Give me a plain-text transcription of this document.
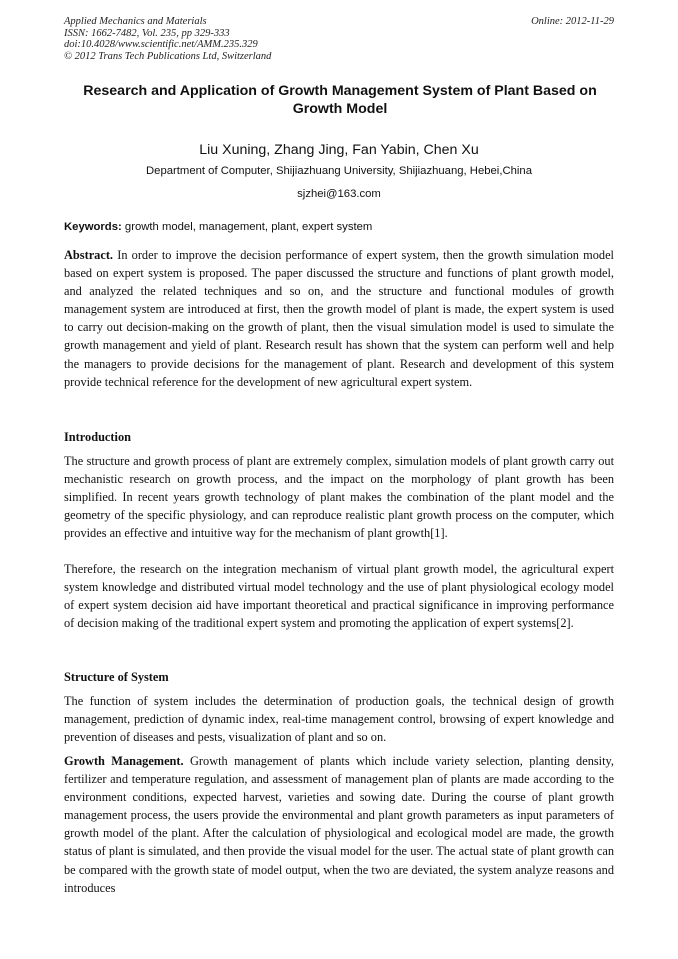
Applied Mechanics and Materials
ISSN: 1662-7482, Vol. 235, pp 329-333
doi:10.4028/www.scientific.net/AMM.235.329
© 2012 Trans Tech Publications Ltd, Switzerland
Online: 2012-11-29
Research and Application of Growth Management System of Plant Based on Growth Model
Liu Xuning, Zhang Jing, Fan Yabin, Chen Xu
Department of Computer, Shijiazhuang University, Shijiazhuang, Hebei,China
sjzhei@163.com
Keywords: growth model, management, plant, expert system
Abstract. In order to improve the decision performance of expert system, then the growth simulation model based on expert system is proposed. The paper discussed the structure and functions of plant growth model, and analyzed the related techniques and so on, and the structure and functional modules of growth management system are introduced at first, then the growth model of plant is made, the expert system is used to carry out decision-making on the growth of plant, then the visual simulation model is used to simulate the growth management and yield of plant. Research result has shown that the system can perform well and help the managers to provide decisions for the management of plant. Research and development of this system provide technical reference for the development of new agricultural expert system.
Introduction
The structure and growth process of plant are extremely complex, simulation models of plant growth carry out mechanistic research on growth process, and the impact on the morphology of plant growth has been simplified. In recent years growth technology of plant makes the combination of the plant model and the geometry of the specific physiology, and can reproduce realistic plant growth process on the computer, which provides an effective and intuitive way for the mechanism of plant growth[1].
Therefore, the research on the integration mechanism of virtual plant growth model, the agricultural expert system knowledge and distributed virtual model technology and the use of plant physiological ecology model of expert system decision aid have important theoretical and practical significance in improving performance of decision making of the traditional expert system and promoting the application of expert systems[2].
Structure of System
The function of system includes the determination of production goals, the technical design of growth management, prediction of dynamic index, real-time management control, browsing of expert knowledge and prevention of diseases and pests, visualization of plant and so on.
Growth Management. Growth management of plants which include variety selection, planting density, fertilizer and temperature regulation, and assessment of management plan of plants are made according to the environment conditions, expected harvest, varieties and sowing date. During the course of plant growth management process, the users provide the environmental and plant growth parameters as input parameters of growth model of the plant. After the calculation of physiological and ecological model are made, the growth status of plant is simulated, and then provide the visual model for the user. The actual state of plant growth can be compared with the growth state of model output, when the two are deviated, the system analyze reasons and introduces
